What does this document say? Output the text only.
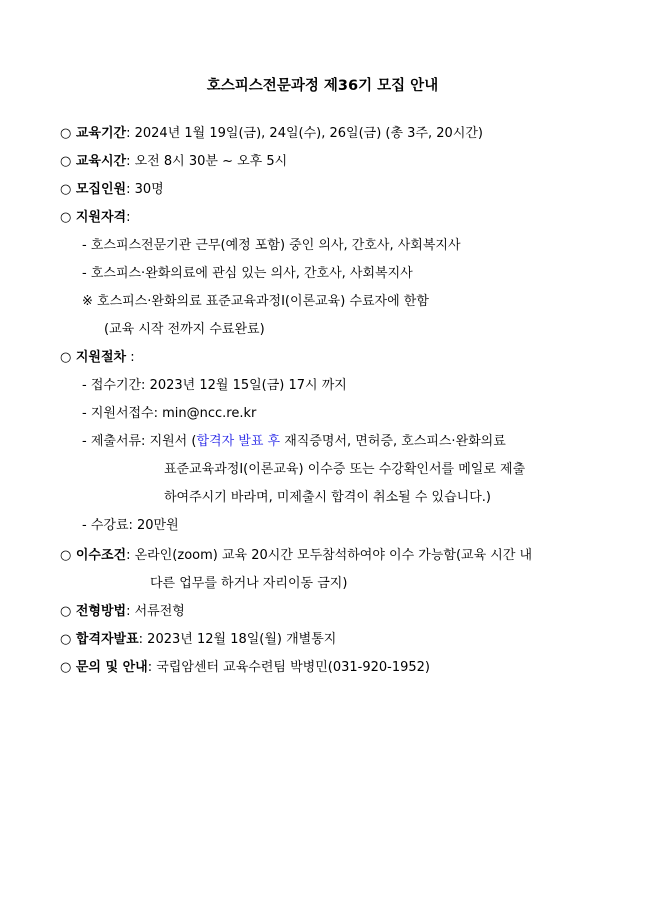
호스피스전문과정 제36기 모집 안내
○ 교육기간: 2024년 1월 19일(금), 24일(수), 26일(금) (총 3주, 20시간)
○ 교육시간: 오전 8시 30분 ~ 오후 5시
○ 모집인원: 30명
○ 지원자격:
- 호스피스전문기관 근무(예정 포함) 중인 의사, 간호사, 사회복지사
- 호스피스·완화의료에 관심 있는 의사, 간호사, 사회복지사
※ 호스피스·완화의료 표준교육과정Ⅰ(이론교육) 수료자에 한함
(교육 시작 전까지 수료완료)
○ 지원절차 :
- 접수기간: 2023년 12월 15일(금) 17시 까지
- 지원서접수: min@ncc.re.kr
- 제출서류: 지원서 (합격자 발표 후 재직증명서, 면허증, 호스피스·완화의료
표준교육과정Ⅰ(이론교육) 이수증 또는 수강확인서를 메일로 제출
하여주시기 바라며, 미제출시 합격이 취소될 수 있습니다.)
- 수강료: 20만원
○ 이수조건: 온라인(zoom) 교육 20시간 모두참석하여야 이수 가능함(교육 시간 내
다른 업무를 하거나 자리이동 금지)
○ 전형방법: 서류전형
○ 합격자발표: 2023년 12월 18일(월) 개별통지
○ 문의 및 안내: 국립암센터 교육수련팀 박병민(031-920-1952)
